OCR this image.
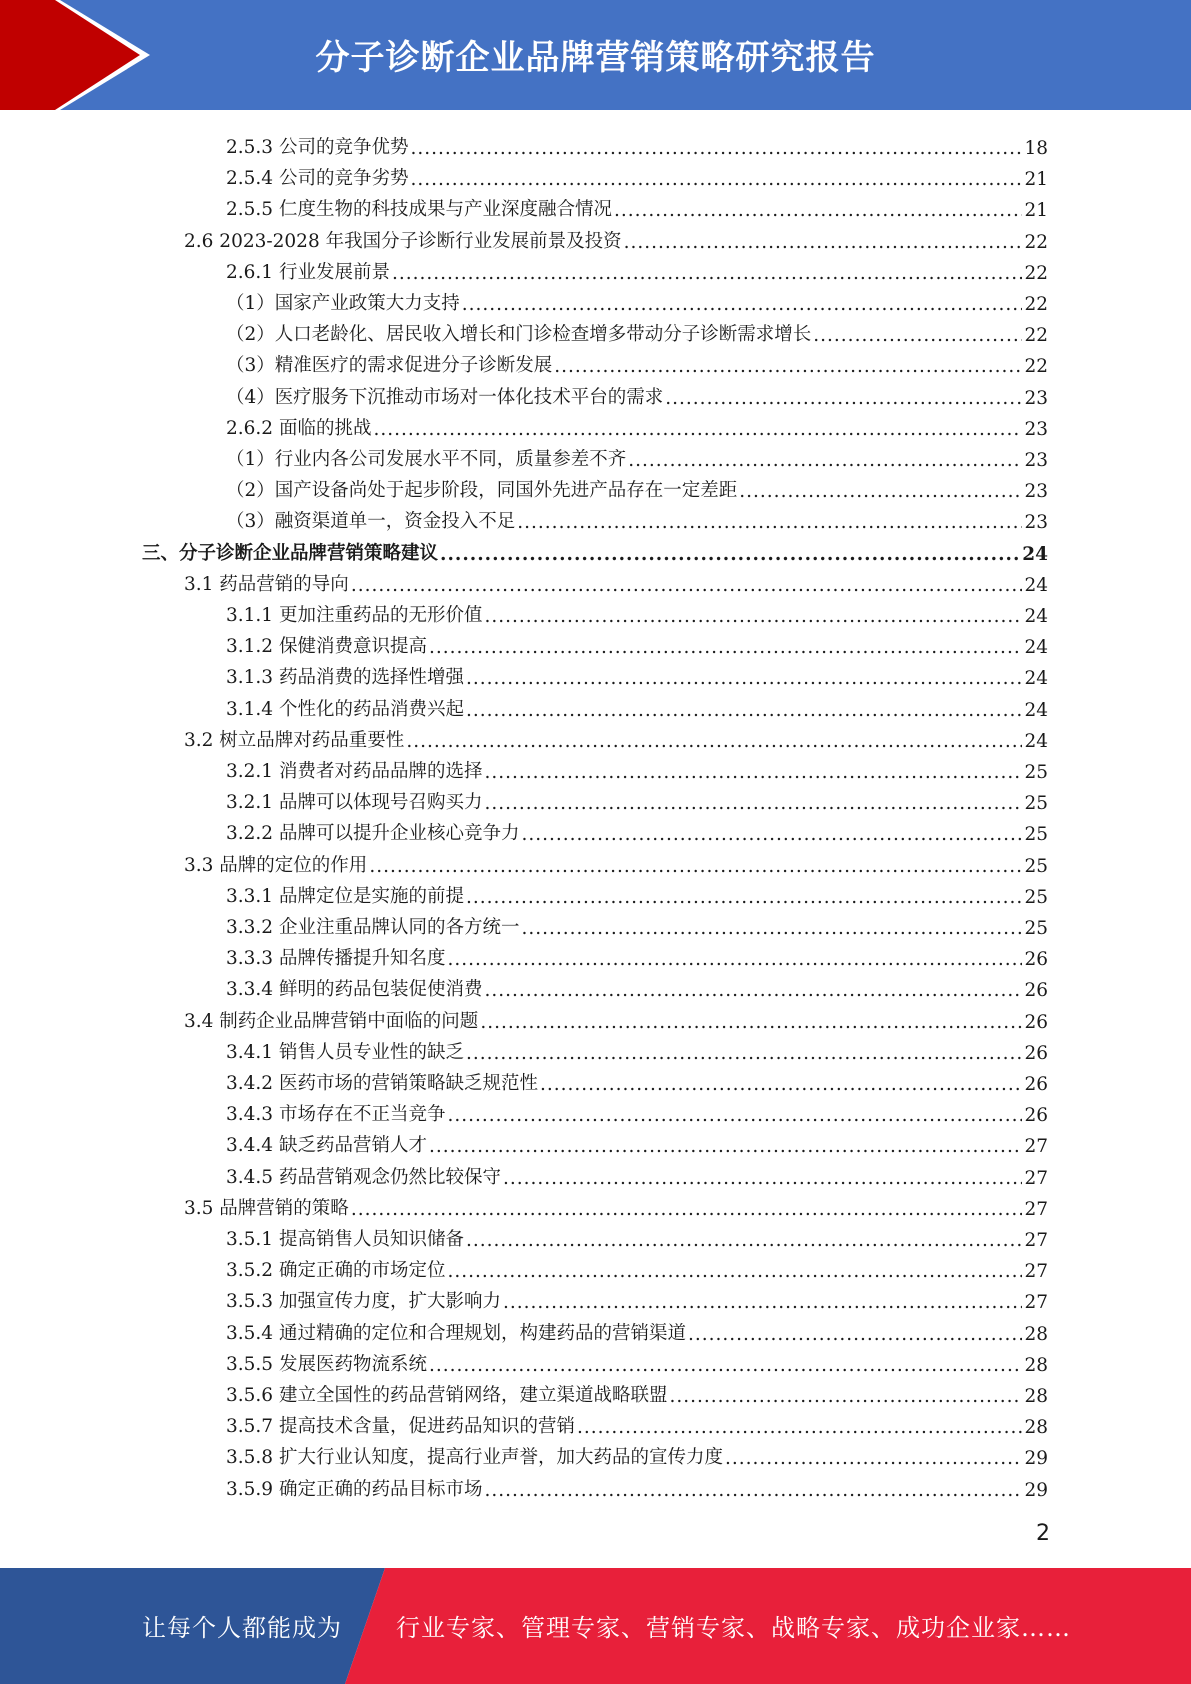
分子诊断企业品牌营销策略研究报告
2.5.3 公司的竞争优势 .....	18
2.5.4 公司的竞争劣势 .....	21
2.5.5 仁度生物的科技成果与产业深度融合情况 .....	21
2.6 2023-2028 年我国分子诊断行业发展前景及投资 .....	22
2.6.1 行业发展前景 .....	22
（1）国家产业政策大力支持 .....	22
（2）人口老龄化、居民收入增长和门诊检查增多带动分子诊断需求增长 .....	22
（3）精准医疗的需求促进分子诊断发展 .....	22
（4）医疗服务下沉推动市场对一体化技术平台的需求 .....	23
2.6.2 面临的挑战 .....	23
（1）行业内各公司发展水平不同，质量参差不齐 .....	23
（2）国产设备尚处于起步阶段，同国外先进产品存在一定差距 .....	23
（3）融资渠道单一，资金投入不足 .....	23
三、分子诊断企业品牌营销策略建议 .....	24
3.1 药品营销的导向 .....	24
3.1.1 更加注重药品的无形价值 .....	24
3.1.2 保健消费意识提高 .....	24
3.1.3 药品消费的选择性增强 .....	24
3.1.4 个性化的药品消费兴起 .....	24
3.2 树立品牌对药品重要性 .....	24
3.2.1 消费者对药品品牌的选择 .....	25
3.2.1 品牌可以体现号召购买力 .....	25
3.2.2 品牌可以提升企业核心竞争力 .....	25
3.3 品牌的定位的作用 .....	25
3.3.1 品牌定位是实施的前提 .....	25
3.3.2 企业注重品牌认同的各方统一 .....	25
3.3.3 品牌传播提升知名度 .....	26
3.3.4 鲜明的药品包装促使消费 .....	26
3.4 制药企业品牌营销中面临的问题 .....	26
3.4.1 销售人员专业性的缺乏 .....	26
3.4.2 医药市场的营销策略缺乏规范性 .....	26
3.4.3 市场存在不正当竞争 .....	26
3.4.4 缺乏药品营销人才 .....	27
3.4.5 药品营销观念仍然比较保守 .....	27
3.5 品牌营销的策略 .....	27
3.5.1 提高销售人员知识储备 .....	27
3.5.2 确定正确的市场定位 .....	27
3.5.3 加强宣传力度，扩大影响力 .....	27
3.5.4 通过精确的定位和合理规划，构建药品的营销渠道 .....	28
3.5.5 发展医药物流系统 .....	28
3.5.6 建立全国性的药品营销网络，建立渠道战略联盟 .....	28
3.5.7 提高技术含量，促进药品知识的营销 .....	28
3.5.8 扩大行业认知度，提高行业声誉，加大药品的宣传力度 .....	29
3.5.9 确定正确的药品目标市场 .....	29
2
让每个人都能成为 行业专家、管理专家、营销专家、战略专家、成功企业家……
